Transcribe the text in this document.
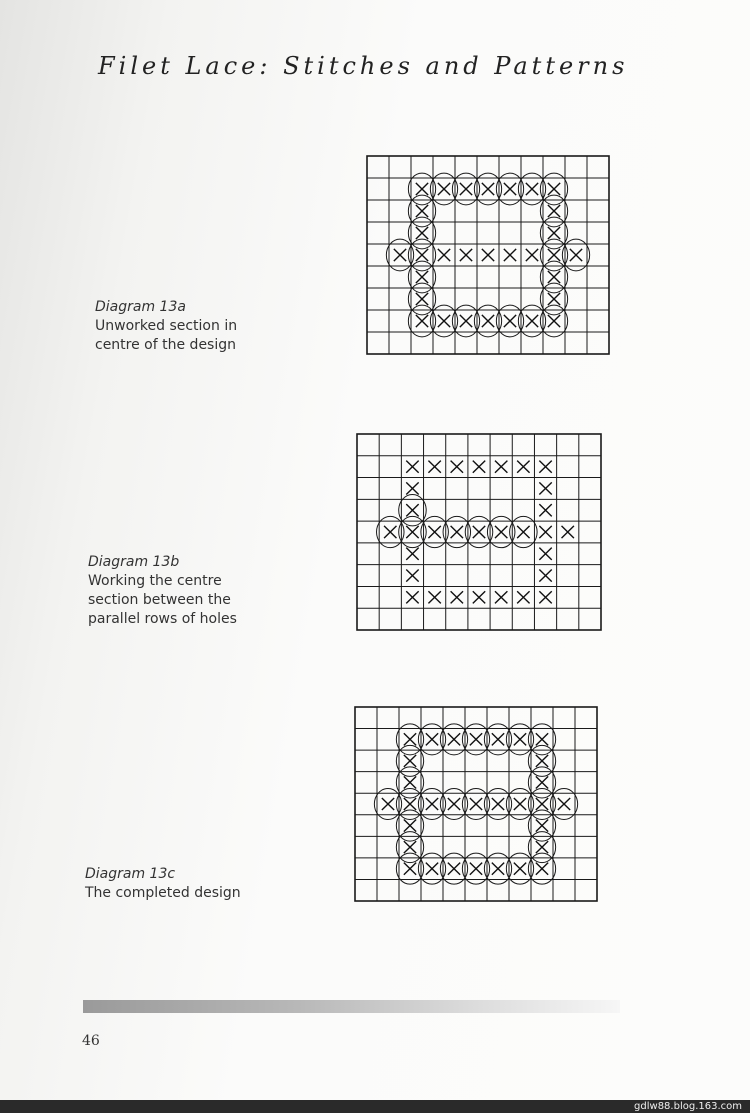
Filet Lace: Stitches and Patterns
Diagram 13a
Unworked section in
centre of the design
Diagram 13b
Working the centre
section between the
parallel rows of holes
Diagram 13c
The completed design
46
gdlw88.blog.163.com
